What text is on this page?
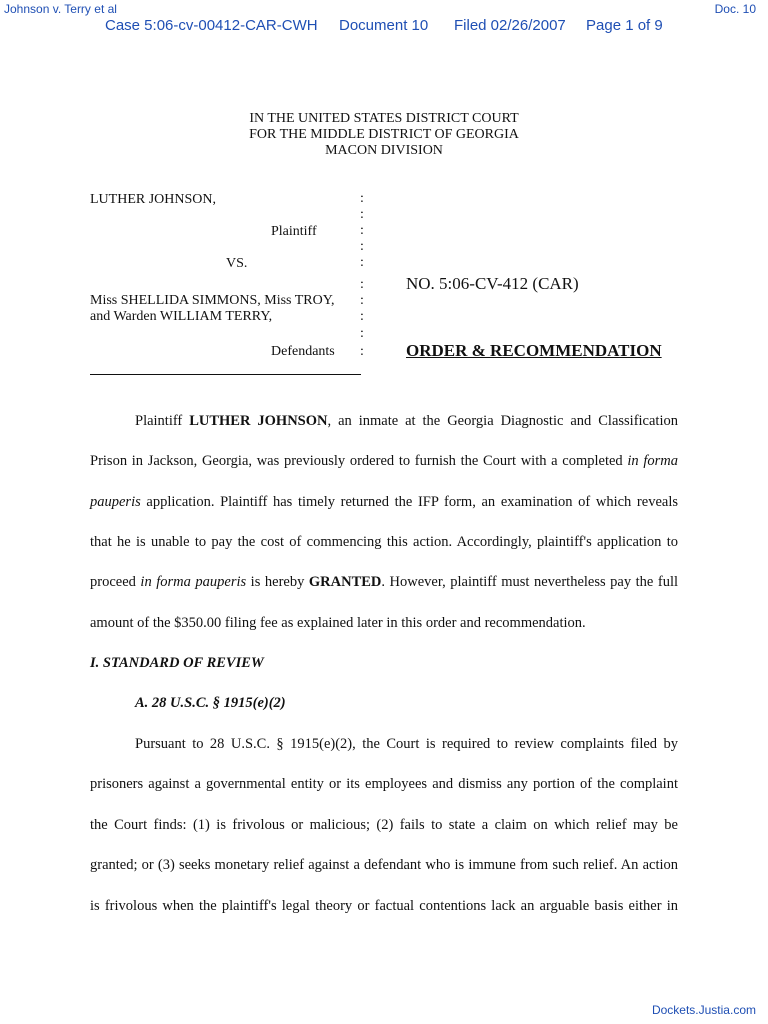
Johnson v. Terry et al	Doc. 10
Case 5:06-cv-00412-CAR-CWH Document 10 Filed 02/26/2007 Page 1 of 9
IN THE UNITED STATES DISTRICT COURT
FOR THE MIDDLE DISTRICT OF GEORGIA
MACON DIVISION
LUTHER JOHNSON,
Plaintiff
VS.
Miss SHELLIDA SIMMONS, Miss TROY,
and Warden WILLIAM TERRY,
Defendants
:
:
:
:
:
:
:
:
:
:
NO. 5:06-CV-412 (CAR)
ORDER & RECOMMENDATION
Plaintiff LUTHER JOHNSON, an inmate at the Georgia Diagnostic and Classification
Prison in Jackson, Georgia, was previously ordered to furnish the Court with a completed in forma
pauperis application. Plaintiff has timely returned the IFP form, an examination of which reveals
that he is unable to pay the cost of commencing this action. Accordingly, plaintiff's application to
proceed in forma pauperis is hereby GRANTED. However, plaintiff must nevertheless pay the full
amount of the $350.00 filing fee as explained later in this order and recommendation.
I. STANDARD OF REVIEW
A. 28 U.S.C. § 1915(e)(2)
Pursuant to 28 U.S.C. § 1915(e)(2), the Court is required to review complaints filed by
prisoners against a governmental entity or its employees and dismiss any portion of the complaint
the Court finds: (1) is frivolous or malicious; (2) fails to state a claim on which relief may be
granted; or (3) seeks monetary relief against a defendant who is immune from such relief. An action
is frivolous when the plaintiff's legal theory or factual contentions lack an arguable basis either in
Dockets.Justia.com
